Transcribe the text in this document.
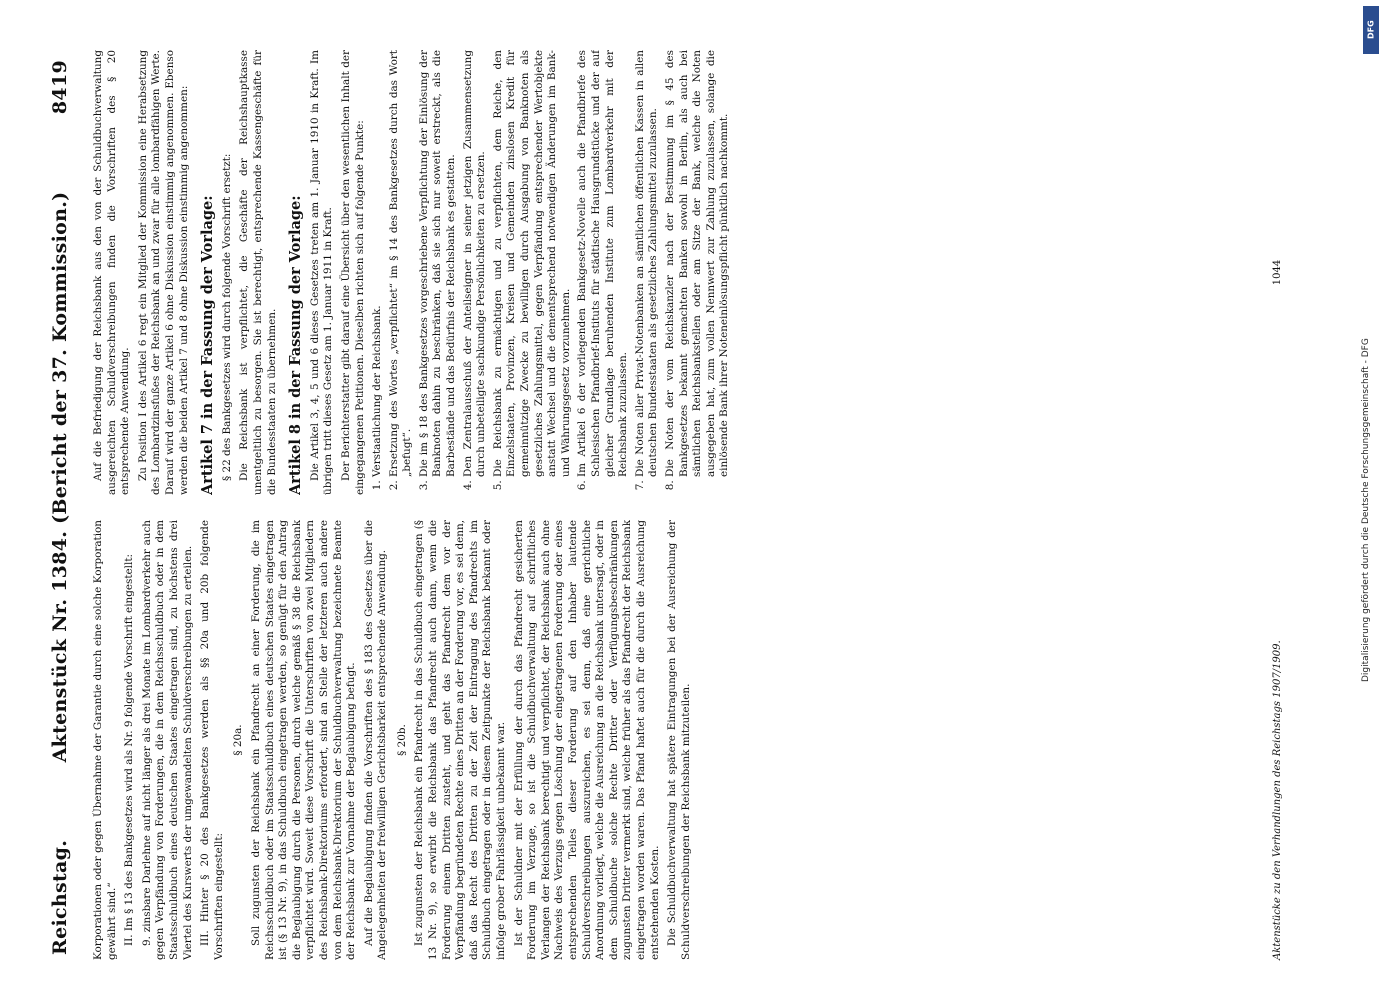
Reichstag.
Aktenstück Nr. 1384. (Bericht der 37. Kommission.)
8419

Korporationen oder gegen Übernahme der Garantie durch eine solche Korporation gewährt sind.“ II. Im § 13 des Bankgesetzes wird als Nr. 9 folgende Vorschrift eingestellt: 9. zinsbare Darlehne auf nicht länger als drei Monate im Lombardverkehr auch gegen Verpfändung von Forderungen, die in dem Reichsschuldbuch oder in dem Staatsschuldbuch eines deutschen Staates eingetragen sind, zu höchstens drei Viertel des Kurswerts der umgewandelten Schuldverschreibungen zu erteilen. III. Hinter § 20 des Bankgesetzes werden als §§ 20a und 20b folgende Vorschriften eingestellt:

§ 20a. Soll zugunsten der Reichsbank ein Pfandrecht an einer Forderung, die im Reichsschuldbuch oder im Staatsschuldbuch eines deutschen Staates eingetragen ist (§ 13 Nr. 9), in das Schuldbuch eingetragen werden, so genügt für den Antrag die Beglaubigung durch die Personen, durch welche gemäß § 38 die Reichsbank verpflichtet wird. Soweit diese Vorschrift die Unterschriften von zwei Mitgliedern des Reichsbank-Direktoriums erfordert, sind an Stelle der letzteren auch andere von dem Reichsbank-Direktorium der Schuldbuchverwaltung bezeichnete Beamte der Reichsbank zur Vornahme der Beglaubigung befugt. Auf die Beglaubigung finden die Vorschriften des § 183 des Gesetzes über die Angelegenheiten der freiwilligen Gerichtsbarkeit entsprechende Anwendung. § 20b. Ist zugunsten der Reichsbank ein Pfandrecht in das Schuldbuch eingetragen (§ 13 Nr. 9), so erwirbt die Reichsbank das Pfandrecht auch dann, wenn die Forderung einem Dritten zusteht, und geht das Pfandrecht dem vor der Verpfändung begründeten Rechte eines Dritten an der Forderung vor, es sei denn, daß das Recht des Dritten zu der Zeit der Eintragung des Pfandrechts im Schuldbuch eingetragen oder in diesem Zeitpunkte der Reichsbank bekannt oder infolge grober Fahrlässigkeit unbekannt war. Ist der Schuldner mit der Erfüllung der durch das Pfandrecht gesicherten Forderung im Verzuge, so ist die Schuldbuchverwaltung auf schriftliches Verlangen der Reichsbank berechtigt und verpflichtet, der Reichsbank auch ohne Nachweis des Verzugs gegen Löschung der eingetragenen Forderung oder eines entsprechenden Teiles dieser Forderung auf den Inhaber lautende Schuldverschreibungen auszureichen, es sei denn, daß eine gerichtliche Anordnung vorliegt, welche die Ausreichung an die Reichsbank untersagt, oder in dem Schuldbuche solche Rechte Dritter oder Verfügungsbeschränkungen zugunsten Dritter vermerkt sind, welche früher als das Pfandrecht der Reichsbank eingetragen worden waren. Das Pfand haftet auch für die durch die Ausreichung entstehenden Kosten. Die Schuldbuchverwaltung hat spätere Eintragungen bei der Ausreichung der Schuldverschreibungen der Reichsbank mitzuteilen.

Auf die Befriedigung der Reichsbank aus den von der Schuldbuchverwaltung ausgereichten Schuldverschreibungen finden die Vorschriften des § 20 entsprechende Anwendung. Zu Position I des Artikel 6 regt ein Mitglied der Kommission eine Herabsetzung des Lombardzinsfußes der Reichsbank an und zwar für alle lombardfähigen Werte. Darauf wird der ganze Artikel 6 ohne Diskussion einstimmig angenommen. Ebenso werden die beiden Artikel 7 und 8 ohne Diskussion einstimmig angenommen: Artikel 7 in der Fassung der Vorlage: § 22 des Bankgesetzes wird durch folgende Vorschrift ersetzt: Die Reichsbank ist verpflichtet, die Geschäfte der Reichshauptkasse unentgeltlich zu besorgen. Sie ist berechtigt, entsprechende Kassengeschäfte für die Bundesstaaten zu übernehmen. Artikel 8 in der Fassung der Vorlage: Die Artikel 3, 4, 5 und 6 dieses Gesetzes treten am 1. Januar 1910 in Kraft. Im übrigen tritt dieses Gesetz am 1. Januar 1911 in Kraft. Der Berichterstatter gibt darauf eine Übersicht über den wesentlichen Inhalt der eingegangenen Petitionen. Dieselben richten sich auf folgende Punkte: 1. Verstaatlichung der Reichsbank. 2. Ersetzung des Wortes „verpflichtet“ im § 14 des Bankgesetzes durch das Wort „befugt“. 3. Die im § 18 des Bankgesetzes vorgeschriebene Verpflichtung der Einlösung der Banknoten dahin zu beschränken, daß sie sich nur soweit erstreckt, als die Barbestände und das Bedürfnis der Reichsbank es gestatten. 4. Den Zentralausschuß der Anteilseigner in seiner jetzigen Zusammensetzung durch unbeteiligte sachkundige Persönlichkeiten zu ersetzen. 5. Die Reichsbank zu ermächtigen und zu verpflichten, dem Reiche, den Einzelstaaten, Provinzen, Kreisen und Gemeinden zinslosen Kredit für gemeinnützige Zwecke zu bewilligen durch Ausgabung von Banknoten als gesetzliches Zahlungsmittel, gegen Verpfändung entsprechender Wertobjekte anstatt Wechsel und die dementsprechend notwendigen Änderungen im Bank- und Währungsgesetz vorzunehmen. 6. Im Artikel 6 der vorliegenden Bankgesetz-Novelle auch die Pfandbriefe des Schlesischen Pfandbrief-Instituts für städtische Hausgrundstücke und der auf gleicher Grundlage beruhenden Institute zum Lombardverkehr mit der Reichsbank zuzulassen. 7. Die Noten aller Privat-Notenbanken an sämtlichen öffentlichen Kassen in allen deutschen Bundesstaaten als gesetzliches Zahlungsmittel zuzulassen. 8. Die Noten der vom Reichskanzler nach der Bestimmung im § 45 des Bankgesetzes bekannt gemachten Banken sowohl in Berlin, als auch bei sämtlichen Reichsbankstellen oder am Sitze der Bank, welche die Noten ausgegeben hat, zum vollen Nennwert zur Zahlung zuzulassen, solange die einlösende Bank ihrer Noteneinlösungspflicht pünktlich nachkommt.
Aktenstücke zu den Verhandlungen des Reichstags 1907/1909.
1044
Digitalisierung gefördert durch die Deutsche Forschungsgemeinschaft - DFG
DFG
